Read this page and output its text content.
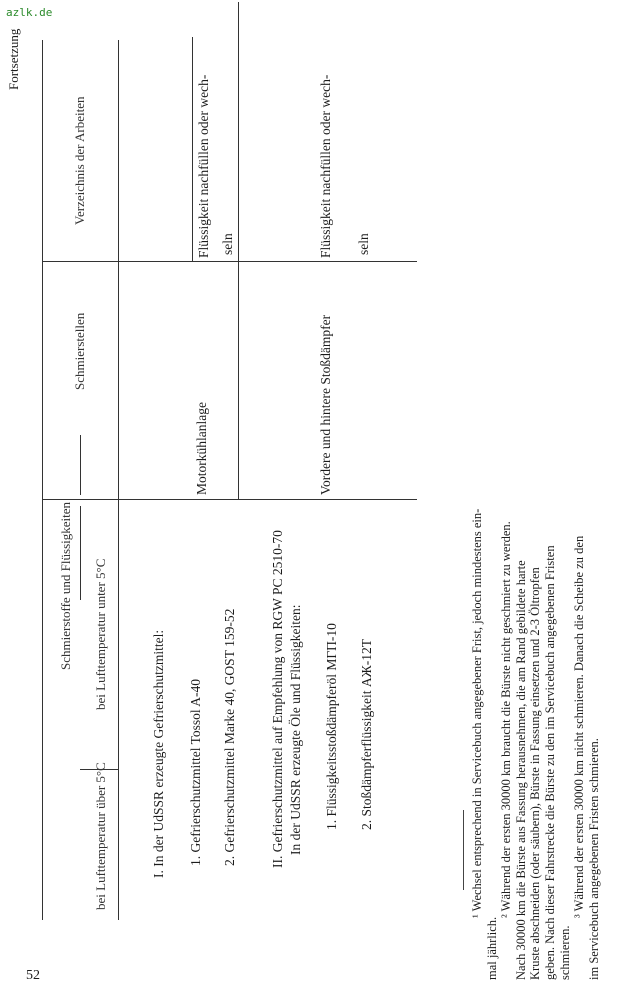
azlk.de
52
Fortsetzung
Schmierstoffe und Flüssigkeiten
bei Lufttemperatur über 5°C
bei Lufttemperatur unter 5°C
Schmierstellen
Verzeichnis der Arbeiten
I. In der UdSSR erzeugte Gefrierschutzmittel: 1. Gefrierschutzmittel Tossol A-40 2. Gefrierschutzmittel Marke 40, GOST 159-52 II. Gefrierschutzmittel auf Empfehlung von RGW PC 2510-70 In der UdSSR erzeugte Öle und Flüssigkeiten: 1. Flüssigkeitsstoßdämpferöl МГП-10 2. Stoßdämpferflüssigkeit АЖ-12Т
Motorkühlanlage
Flüssigkeit nachfüllen oder wech- seln
Vordere und hintere Stoßdämpfer
Flüssigkeit nachfüllen oder wech- seln
¹ Wechsel entsprechend in Servicebuch angegebener Frist, jedoch mindestens ein-
mal jährlich.
² Während der ersten 30000 km braucht die Bürste nicht geschmiert zu werden. Nach 30000 km die Bürste aus Fassung herausnehmen, die am Rand gebildete harte Kruste abschneiden (oder säubern), Bürste in Fassung einsetzen und 2-3 Öltropfen geben. Nach dieser Fahrstrecke die Bürste zu den im Servicebuch angegebenen Fristen schmieren.
³ Während der ersten 30000 km nicht schmieren. Danach die Scheibe zu den im Servicebuch angegebenen Fristen schmieren.
